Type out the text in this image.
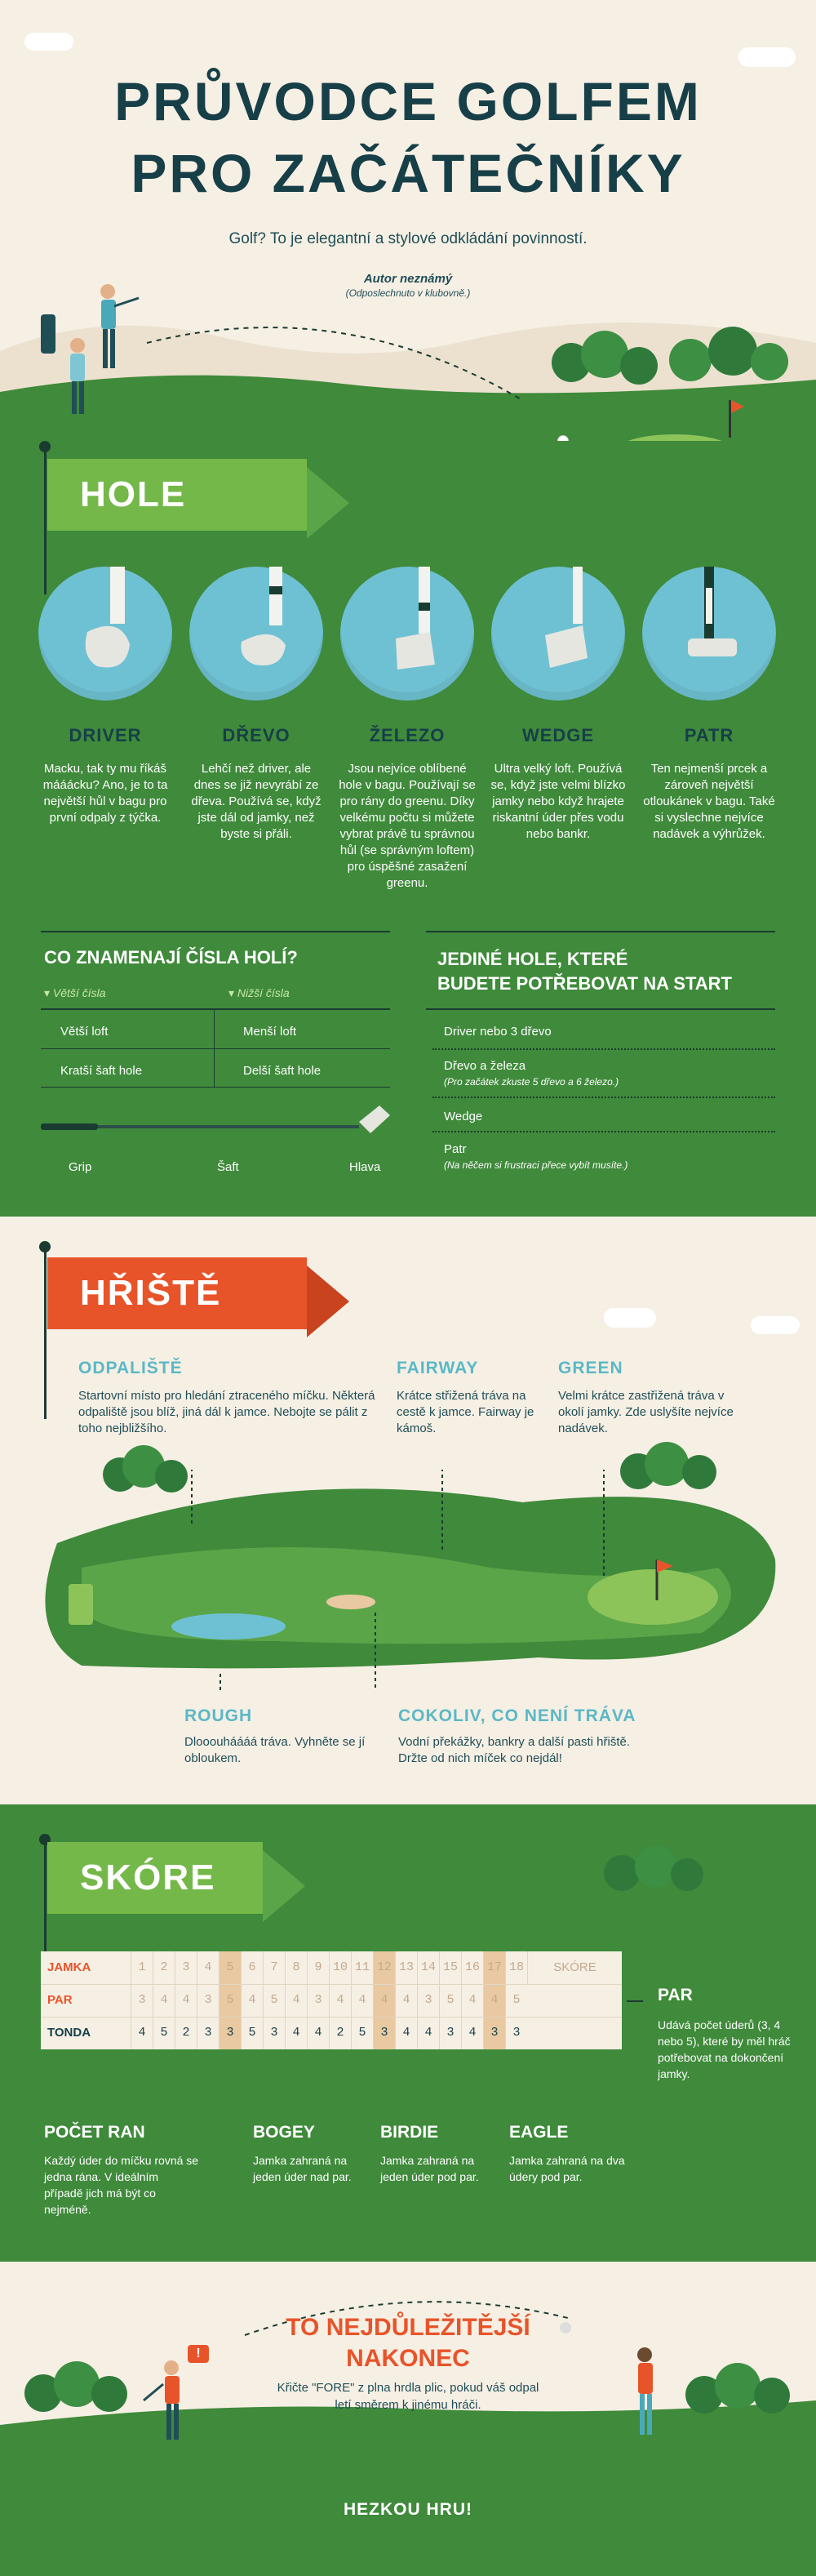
PRŮVODCE GOLFEM
PRO ZAČÁTEČNÍKY
Golf? To je elegantní a stylové odkládání povinností.
Autor neznámý
(Odposlechnuto v klubovně.)
HOLE
DRIVER	DŘEVO	ŽELEZO	WEDGE	PATR
Macku, tak ty mu říkáš mááácku? Ano, je to ta největší hůl v bagu pro první odpaly z týčka.
Lehčí než driver, ale dnes se již nevyrábí ze dřeva. Používá se, když jste dál od jamky, než byste si přáli.
Jsou nejvíce oblíbené hole v bagu. Používají se pro rány do greenu. Díky velkému počtu si můžete vybrat právě tu správnou hůl (se správným loftem) pro úspěšné zasažení greenu.
Ultra velký loft. Používá se, když jste velmi blízko jamky nebo když hrajete riskantní úder přes vodu nebo bankr.
Ten nejmenší prcek a zároveň největší otloukánek v bagu. Také si vyslechne nejvíce nadávek a výhrůžek.
CO ZNAMENAJÍ ČÍSLA HOLÍ?
▾ Větší čísla	▾ Nižší čísla
Větší loft	Menší loft
Kratší šaft hole	Delší šaft hole
Grip	Šaft	Hlava
JEDINÉ HOLE, KTERÉ
BUDETE POTŘEBOVAT NA START
Driver nebo 3 dřevo
Dřevo a železa
(Pro začátek zkuste 5 dřevo a 6 železo.)
Wedge
Patr
(Na něčem si frustraci přece vybít musíte.)
HŘIŠTĚ
ODPALIŠTĚ
Startovní místo pro hledání ztraceného míčku. Některá odpaliště jsou blíž, jiná dál k jamce. Nebojte se pálit z toho nejbližšího.
FAIRWAY
Krátce střižená tráva na cestě k jamce. Fairway je kámoš.
GREEN
Velmi krátce zastřižená tráva v okolí jamky. Zde uslyšíte nejvíce nadávek.
ROUGH
Dlooouháááá tráva. Vyhněte se jí obloukem.
COKOLIV, CO NENÍ TRÁVA
Vodní překážky, bankry a další pasti hřiště. Držte od nich míček co nejdál!
SKÓRE
JAMKA	1	2	3	4	5	6	7	8	9 10 11 12 13 14 15 16 17 18	SKÓRE
PAR	3	4	4	3	5	4	5	4	3	4	4	4	4	3	5	4	4	5
TONDA	4	5	2	3	3	5	3	4	4	2	5	3	4	4	3	4	3	3
PAR
Udává počet úderů (3, 4 nebo 5), které by měl hráč potřebovat na dokončení jamky.
POČET RAN
Každý úder do míčku rovná se jedna rána. V ideálním případě jich má být co nejméně.
BOGEY
Jamka zahraná na jeden úder nad par.
BIRDIE
Jamka zahraná na jeden úder pod par.
EAGLE
Jamka zahraná na dva údery pod par.
TO NEJDŮLEŽITĚJŠÍ
NAKONEC
Křičte "FORE" z plna hrdla plic, pokud váš odpal
letí směrem k jinému hráči.
!
HEZKOU HRU!
